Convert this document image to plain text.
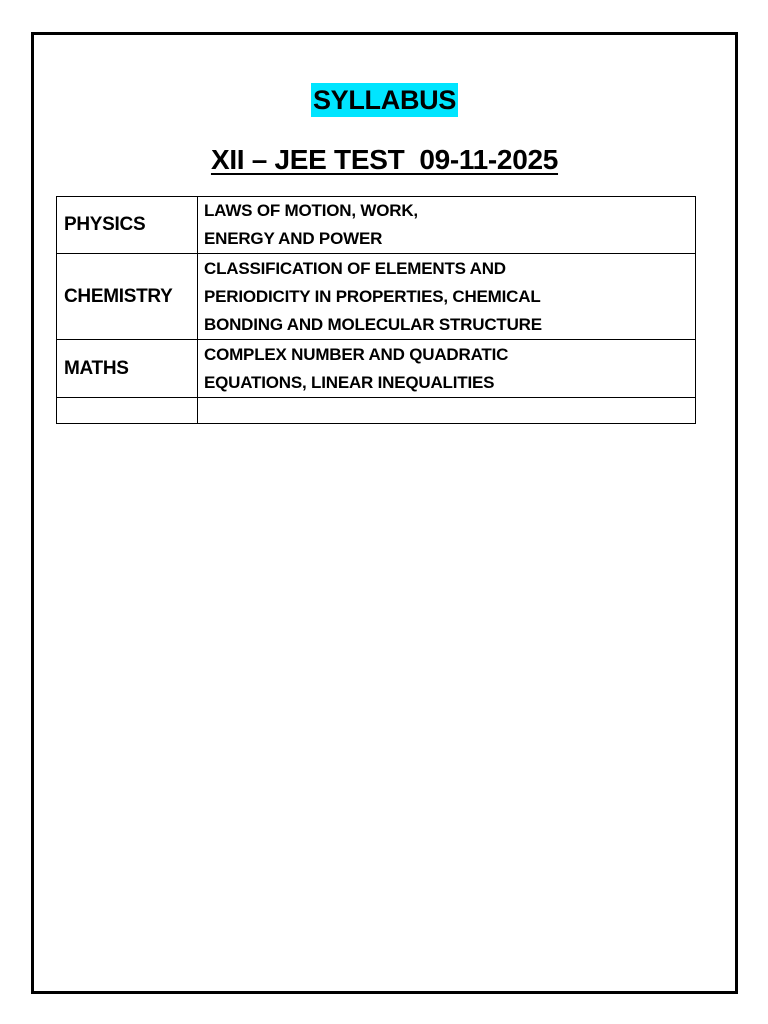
SYLLABUS
XII – JEE TEST  09-11-2025
PHYSICS	LAWS OF MOTION, WORK,
ENERGY AND POWER

CHEMISTRY	CLASSIFICATION OF ELEMENTS AND
PERIODICITY IN PROPERTIES, CHEMICAL
BONDING AND MOLECULAR STRUCTURE

MATHS	COMPLEX NUMBER AND QUADRATIC
EQUATIONS, LINEAR INEQUALITIES
